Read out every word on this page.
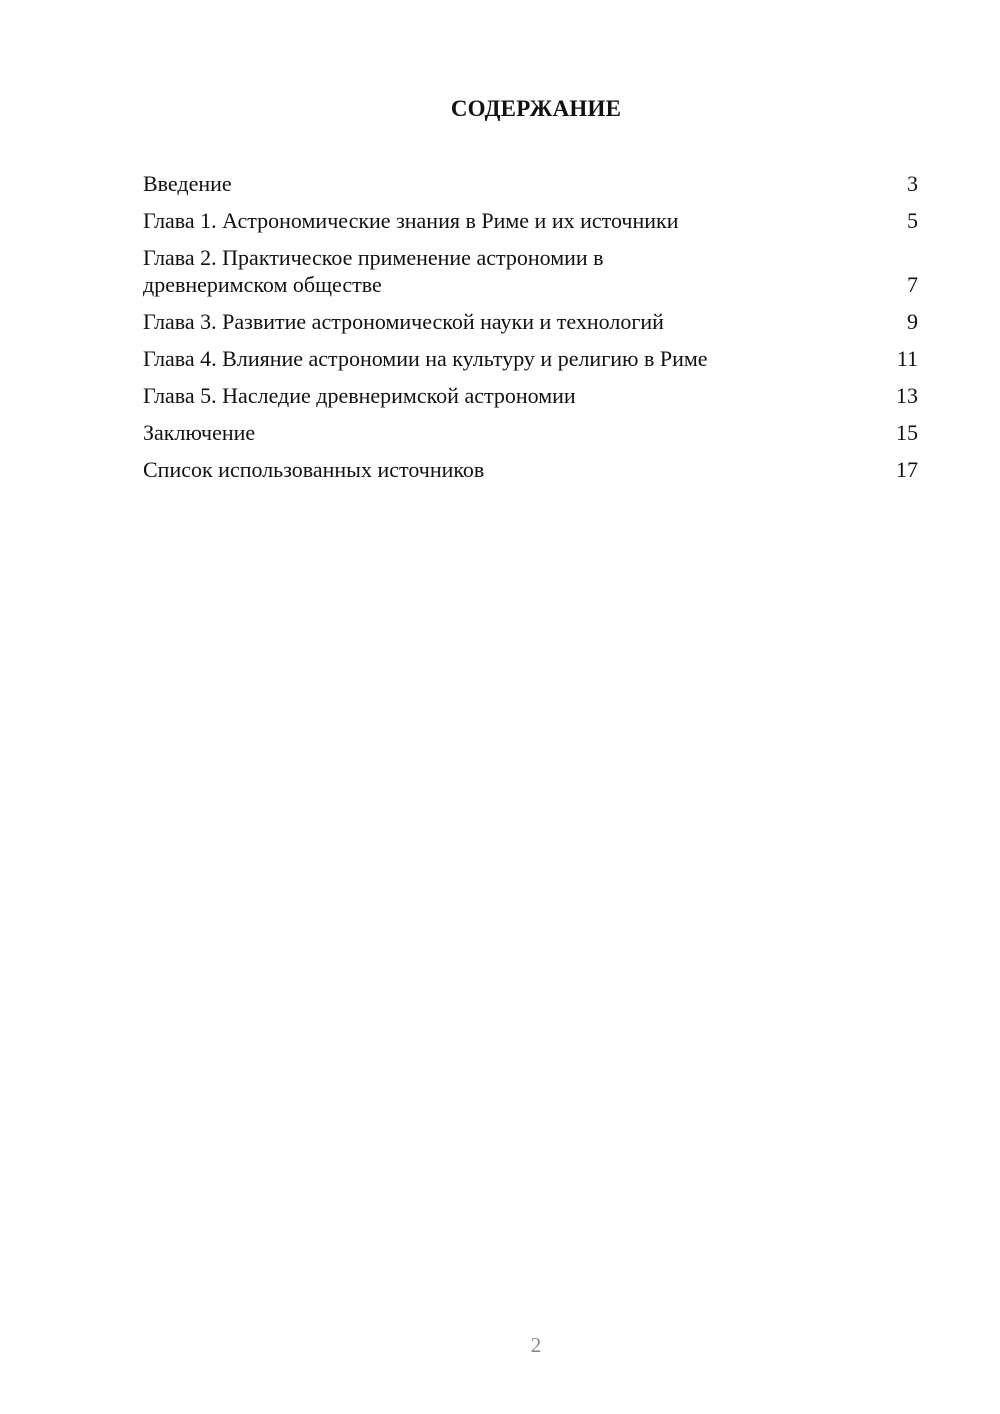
СОДЕРЖАНИЕ
Введение	3
Глава 1. Астрономические знания в Риме и их источники	5
Глава 2. Практическое применение астрономии в древнеримском обществе	7
Глава 3. Развитие астрономической науки и технологий	9
Глава 4. Влияние астрономии на культуру и религию в Риме	11
Глава 5. Наследие древнеримской астрономии	13
Заключение	15
Список использованных источников	17
2
